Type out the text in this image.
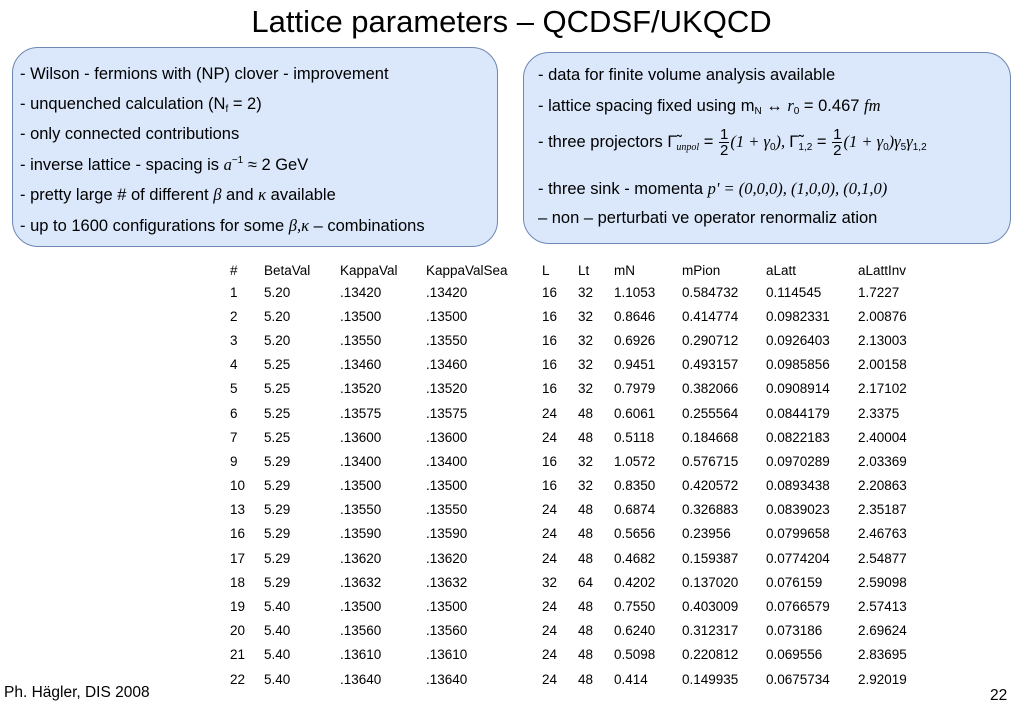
Lattice parameters – QCDSF/UKQCD
- Wilson - fermions with (NP) clover - improvement
- unquenched calculation $(N_f = 2)$
- only connected contributions
- inverse lattice - spacing is $a^{-1} \approx 2$ GeV
- pretty large # of different β and κ available
- up to 1600 configurations for some β,κ – combinations
- data for finite volume analysis available
- lattice spacing fixed using $m_N$ ↔ $r_0 = 0.467$ fm
- three projectors $\Gammã_{unpol} = \frac{1}{2} (1 + \gamma_0)$, $\Gammã_{1,2} = \frac{1}{2} (1 + \gamma_0)\gamma_5\gamma_{1,2}$
- three sink - momenta p' = (0,0,0), (1,0,0), (0,1,0)
– non – perturbati ve operator renormaliz ation
#	BetaVal	KappaVal	KappaValSea	L	Lt	mN	mPion	aLatt	aLattInv
1	5.20	.13420	.13420	16	32	1.1053	0.584732	0.114545	1.7227
2	5.20	.13500	.13500	16	32	0.8646	0.414774	0.0982331	2.00876
3	5.20	.13550	.13550	16	32	0.6926	0.290712	0.0926403	2.13003
4	5.25	.13460	.13460	16	32	0.9451	0.493157	0.0985856	2.00158
5	5.25	.13520	.13520	16	32	0.7979	0.382066	0.0908914	2.17102
6	5.25	.13575	.13575	24	48	0.6061	0.255564	0.0844179	2.3375
7	5.25	.13600	.13600	24	48	0.5118	0.184668	0.0822183	2.40004
9	5.29	.13400	.13400	16	32	1.0572	0.576715	0.0970289	2.03369
10	5.29	.13500	.13500	16	32	0.8350	0.420572	0.0893438	2.20863
13	5.29	.13550	.13550	24	48	0.6874	0.326883	0.0839023	2.35187
16	5.29	.13590	.13590	24	48	0.5656	0.23956	0.0799658	2.46763
17	5.29	.13620	.13620	24	48	0.4682	0.159387	0.0774204	2.54877
18	5.29	.13632	.13632	32	64	0.4202	0.137020	0.076159	2.59098
19	5.40	.13500	.13500	24	48	0.7550	0.403009	0.0766579	2.57413
20	5.40	.13560	.13560	24	48	0.6240	0.312317	0.073186	2.69624
21	5.40	.13610	.13610	24	48	0.5098	0.220812	0.069556	2.83695
22	5.40	.13640	.13640	24	48	0.414	0.149935	0.0675734	2.92019
Ph. Hägler, DIS 2008	22
